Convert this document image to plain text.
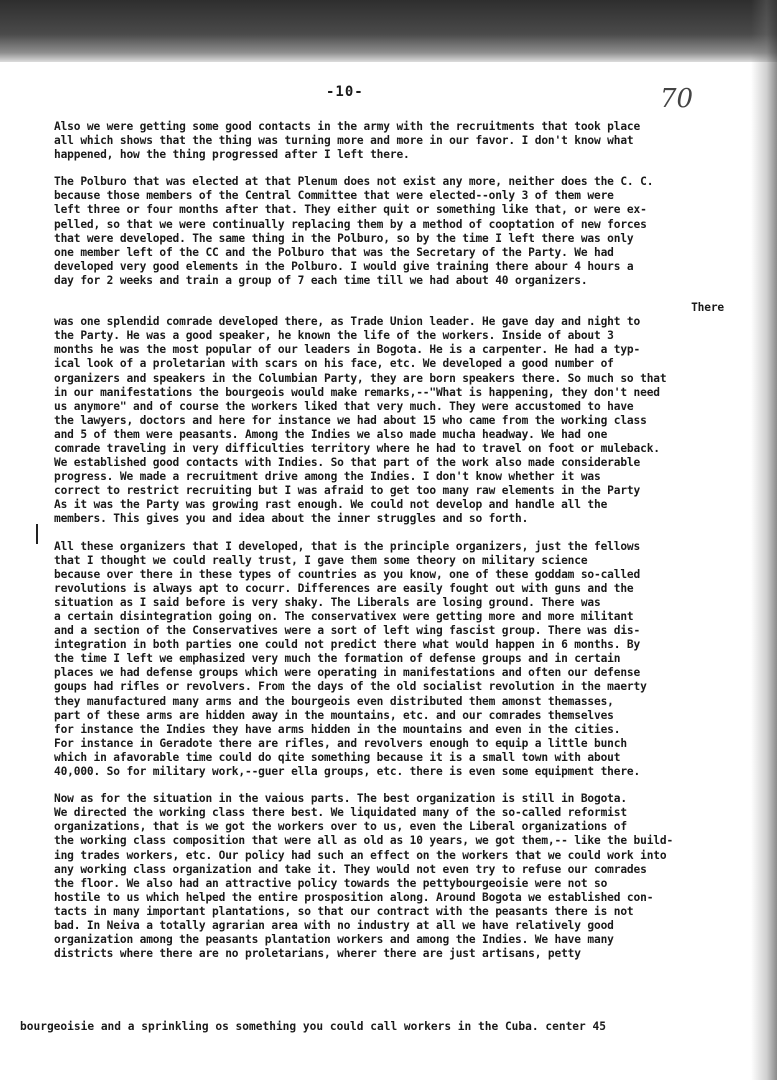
-10-	70
Also we were getting some good contacts in the army with the recruitments that took place
all which shows that the thing was turning more and more in our favor. I don't know what
happened, how the thing progressed after I left there.
The Polburo that was elected at that Plenum does not exist any more, neither does the C. C.
because those members of the Central Committee that were elected--only 3 of them were
left three or four months after that. They either quit or something like that, or were ex-
pelled, so that we were continually replacing them by a method of cooptation of new forces
that were developed. The same thing in the Polburo, so by the time I left there was only
one member left of the CC and the Polburo that was the Secretary of the Party. We had
developed very good elements in the Polburo. I would give training there abour 4 hours a
day for 2 weeks and train a group of 7 each time till we had about 40 organizers.
There
was one splendid comrade developed there, as Trade Union leader. He gave day and night to
the Party. He was a good speaker, he known the life of the workers. Inside of about 3
months he was the most popular of our leaders in Bogota. He is a carpenter. He had a typ-
ical look of a proletarian with scars on his face, etc. We developed a good number of
organizers and speakers in the Columbian Party, they are born speakers there. So much so that
in our manifestations the bourgeois would make remarks,--"What is happening, they don't need
us anymore" and of course the workers liked that very much. They were accustomed to have
the lawyers, doctors and here for instance we had about 15 who came from the working class
and 5 of them were peasants. Among the Indies we also made mucha headway. We had one
comrade traveling in very difficulties territory where he had to travel on foot or muleback.
We established good contacts with Indies. So that part of the work also made considerable
progress. We made a recruitment drive among the Indies. I don't know whether it was
correct to restrict recruiting but I was afraid to get too many raw elements in the Party
As it was the Party was growing rast enough. We could not develop and handle all the
members. This gives you and idea about the inner struggles and so forth.
All these organizers that I developed, that is the principle organizers, just the fellows
that I thought we could really trust, I gave them some theory on military science
because over there in these types of countries as you know, one of these goddam so-called
revolutions is always apt to cocurr. Differences are easily fought out with guns and the
situation as I said before is very shaky. The Liberals are losing ground. There was
a certain disintegration going on. The conservativex were getting more and more militant
and a section of the Conservatives were a sort of left wing fascist group. There was dis-
integration in both parties one could not predict there what would happen in 6 months. By
the time I left we emphasized very much the formation of defense groups and in certain
places we had defense groups which were operating in manifestations and often our defense
goups had rifles or revolvers. From the days of the old socialist revolution in the maerty
they manufactured many arms and the bourgeois even distributed them amonst themasses,
part of these arms are hidden away in the mountains, etc. and our comrades themselves
for instance the Indies they have arms hidden in the mountains and even in the cities.
For instance in Geradote there are rifles, and revolvers enough to equip a little bunch
which in afavorable time could do qite something because it is a small town with about
40,000. So for military work,--guer ella groups, etc. there is even some equipment there.
Now as for the situation in the vaious parts. The best organization is still in Bogota.
We directed the working class there best. We liquidated many of the so-called reformist
organizations, that is we got the workers over to us, even the Liberal organizations of
the working class composition that were all as old as 10 years, we got them,-- like the build-
ing trades workers, etc. Our policy had such an effect on the workers that we could work into
any working class organization and take it. They would not even try to refuse our comrades
the floor. We also had an attractive policy towards the pettybourgeoisie were not so
hostile to us which helped the entire prosposition along. Around Bogota we established con-
tacts in many important plantations, so that our contract with the peasants there is not
bad. In Neiva a totally agrarian area with no industry at all we have relatively good
organization among the peasants plantation workers and among the Indies. We have many
districts where there are no proletarians, wherer there are just artisans, petty
bourgeoisie and a sprinkling os something you could call workers in the Cuba. center 45
